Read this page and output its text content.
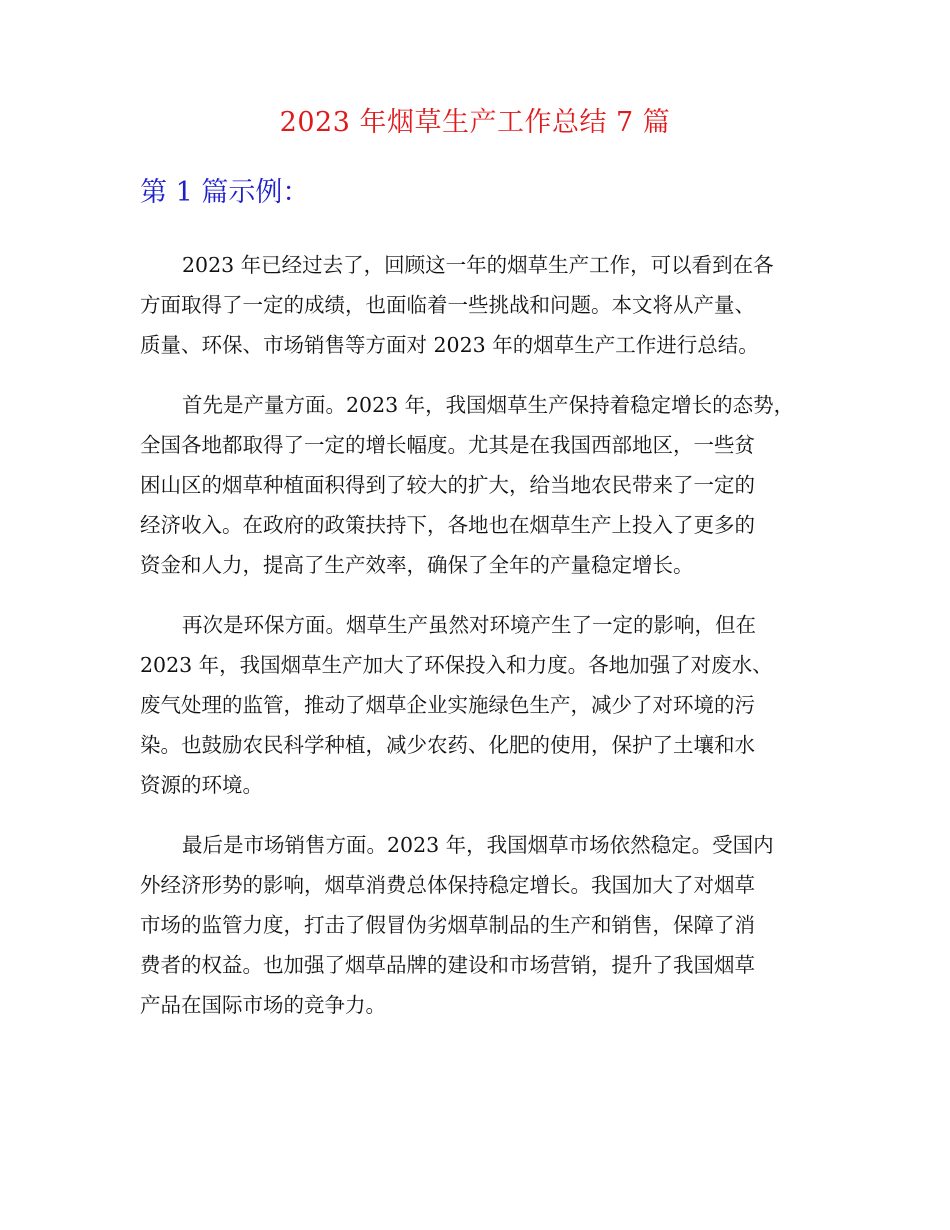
2023 年烟草生产工作总结 7 篇
第 1 篇示例：

2023 年已经过去了，回顾这一年的烟草生产工作，可以看到在各
方面取得了一定的成绩，也面临着一些挑战和问题。本文将从产量、
质量、环保、市场销售等方面对 2023 年的烟草生产工作进行总结。

首先是产量方面。2023 年，我国烟草生产保持着稳定增长的态势，
全国各地都取得了一定的增长幅度。尤其是在我国西部地区，一些贫
困山区的烟草种植面积得到了较大的扩大，给当地农民带来了一定的
经济收入。在政府的政策扶持下，各地也在烟草生产上投入了更多的
资金和人力，提高了生产效率，确保了全年的产量稳定增长。

再次是环保方面。烟草生产虽然对环境产生了一定的影响，但在
2023 年，我国烟草生产加大了环保投入和力度。各地加强了对废水、
废气处理的监管，推动了烟草企业实施绿色生产，减少了对环境的污
染。也鼓励农民科学种植，减少农药、化肥的使用，保护了土壤和水
资源的环境。

最后是市场销售方面。2023 年，我国烟草市场依然稳定。受国内
外经济形势的影响，烟草消费总体保持稳定增长。我国加大了对烟草
市场的监管力度，打击了假冒伪劣烟草制品的生产和销售，保障了消
费者的权益。也加强了烟草品牌的建设和市场营销，提升了我国烟草
产品在国际市场的竞争力。
